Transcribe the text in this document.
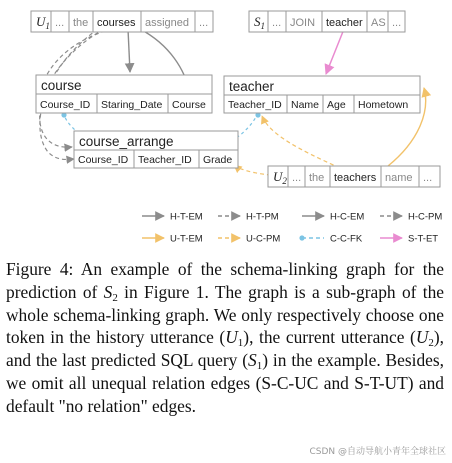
$U_1$ ... the courses assigned ...	$S_1$ ... JOIN teacher AS ...
course
Course_ID Staring_Date Course
teacher
Teacher_ID Name Age Hometown
course_arrange
Course_ID Teacher_ID Grade
$U_2$ ... the teachers name ...
H-T-EM	H-T-PM	H-C-EM	H-C-PM
U-T-EM	U-C-PM	C-C-FK	S-T-ET
Figure 4: An example of the schema-linking graph for the prediction of $S_2$ in Figure 1. The graph is a sub-graph of the whole schema-linking graph. We only respectively choose one token in the history utterance $(U_1)$, the current utterance $(U_2)$, and the last predicted SQL query $(S_1)$ in the example. Besides, we omit all unequal relation edges (S-C-UC and S-T-UT) and default "no relation" edges.
CSDN @自动导航小青年全球社区
